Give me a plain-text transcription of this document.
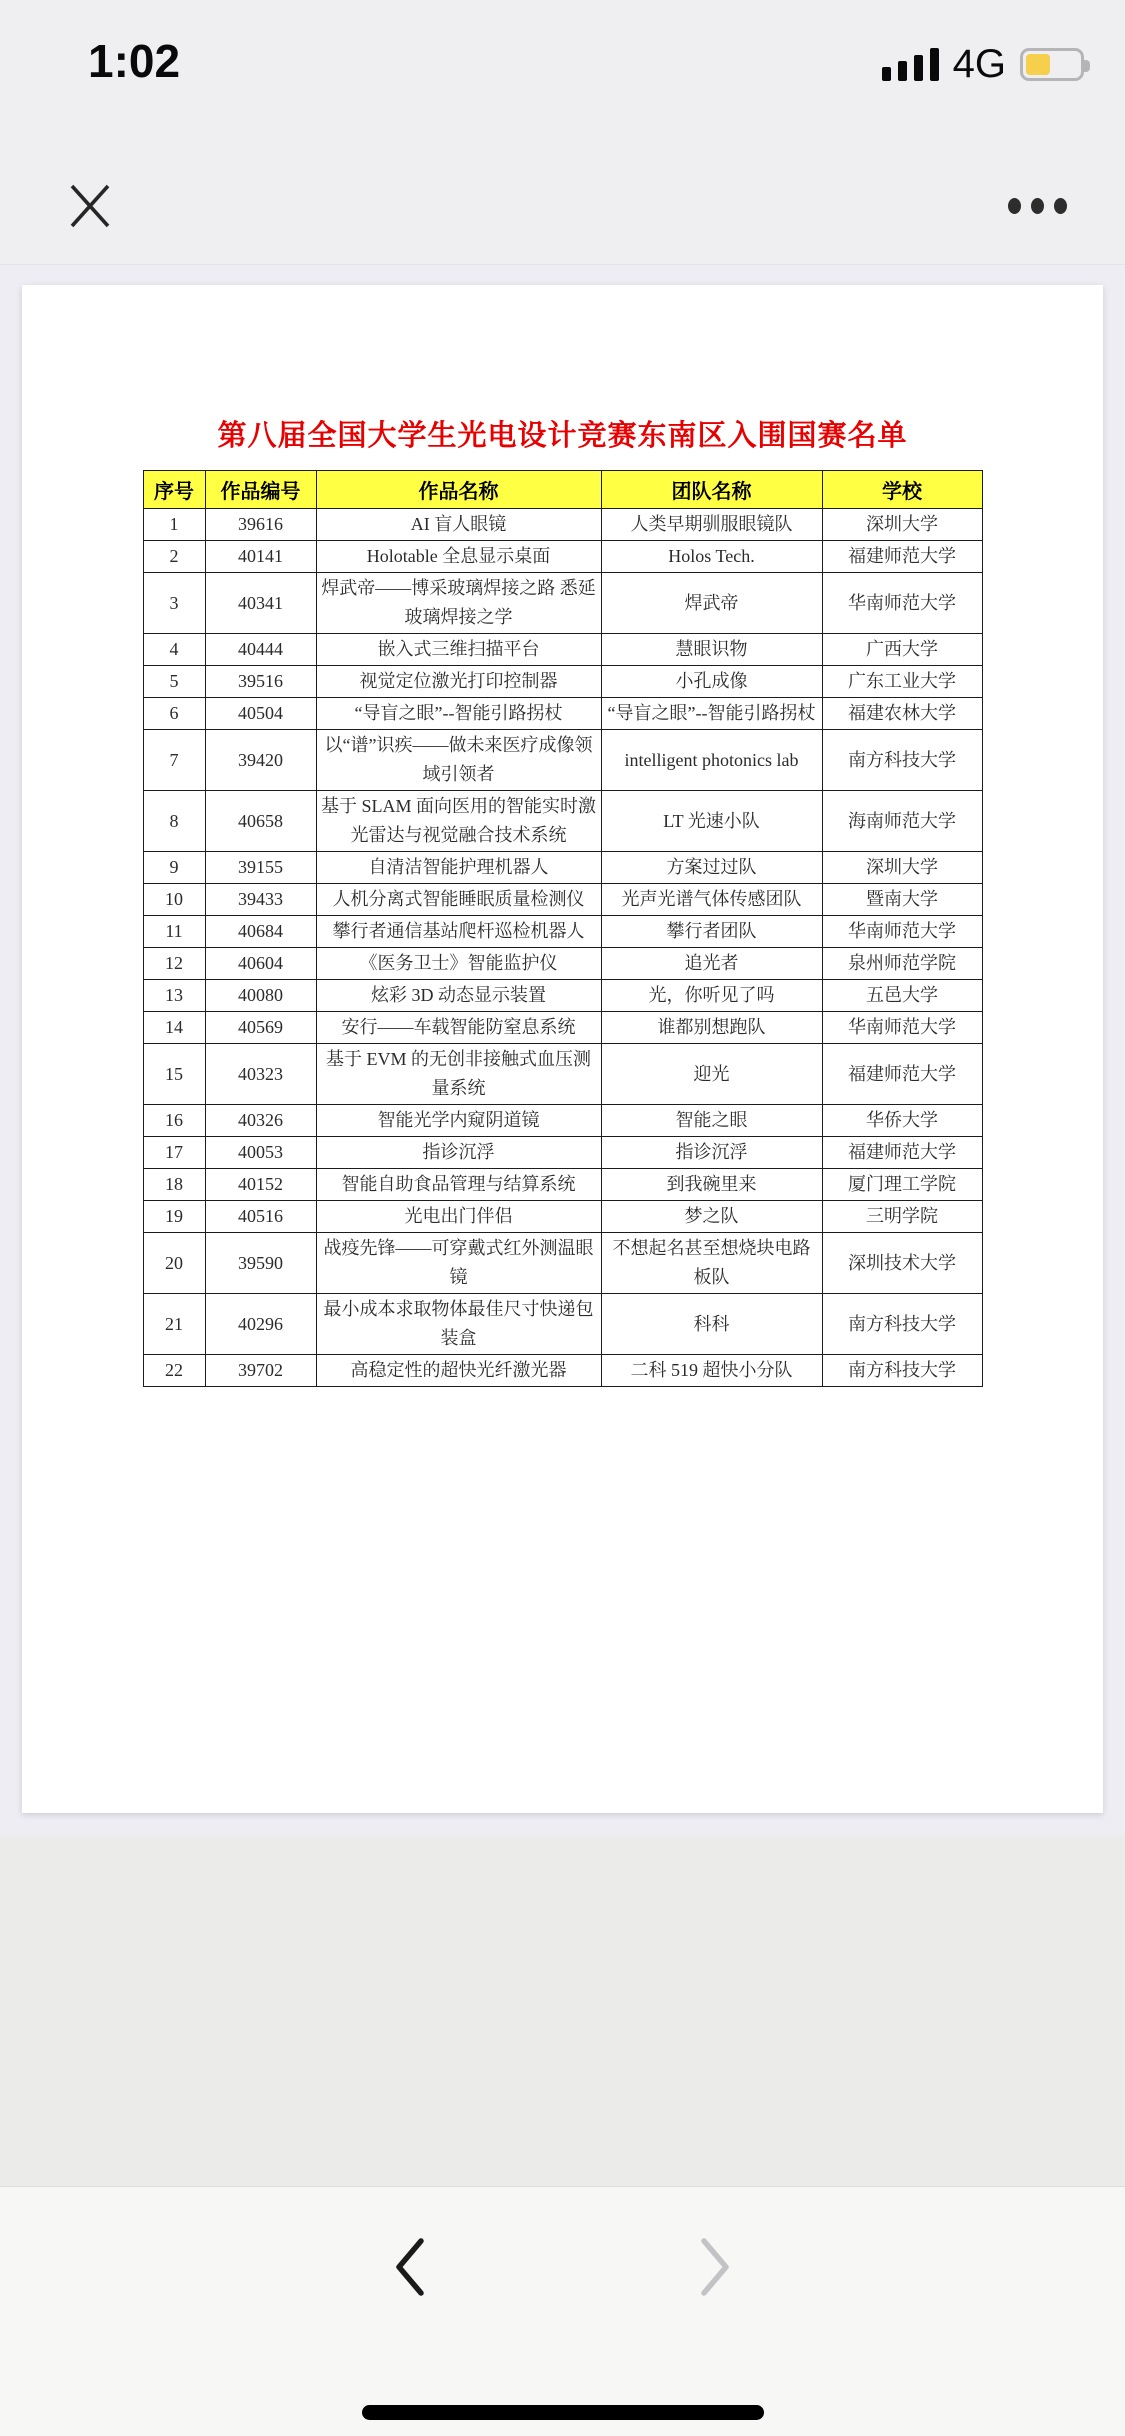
1:02	4G
第八届全国大学生光电设计竞赛东南区入围国赛名单
序号	作品编号	作品名称	团队名称	学校
1	39616	AI 盲人眼镜	人类早期驯服眼镜队	深圳大学
2	40141	Holotable 全息显示桌面	Holos Tech.	福建师范大学
3	40341	焊武帝——博采玻璃焊接之路 悉延玻璃焊接之学	焊武帝	华南师范大学
4	40444	嵌入式三维扫描平台	慧眼识物	广西大学
5	39516	视觉定位激光打印控制器	小孔成像	广东工业大学
6	40504	“导盲之眼”--智能引路拐杖	“导盲之眼”--智能引路拐杖	福建农林大学
7	39420	以“谱”识疾——做未来医疗成像领域引领者	intelligent photonics lab	南方科技大学
8	40658	基于 SLAM 面向医用的智能实时激光雷达与视觉融合技术系统	LT 光速小队	海南师范大学
9	39155	自清洁智能护理机器人	方案过过队	深圳大学
10	39433	人机分离式智能睡眠质量检测仪	光声光谱气体传感团队	暨南大学
11	40684	攀行者通信基站爬杆巡检机器人	攀行者团队	华南师范大学
12	40604	《医务卫士》智能监护仪	追光者	泉州师范学院
13	40080	炫彩 3D 动态显示装置	光，你听见了吗	五邑大学
14	40569	安行——车载智能防窒息系统	谁都别想跑队	华南师范大学
15	40323	基于 EVM 的无创非接触式血压测量系统	迎光	福建师范大学
16	40326	智能光学内窥阴道镜	智能之眼	华侨大学
17	40053	指诊沉浮	指诊沉浮	福建师范大学
18	40152	智能自助食品管理与结算系统	到我碗里来	厦门理工学院
19	40516	光电出门伴侣	梦之队	三明学院
20	39590	战疫先锋——可穿戴式红外测温眼镜	不想起名甚至想烧块电路板队	深圳技术大学
21	40296	最小成本求取物体最佳尺寸快递包装盒	科科	南方科技大学
22	39702	高稳定性的超快光纤激光器	二科 519 超快小分队	南方科技大学
